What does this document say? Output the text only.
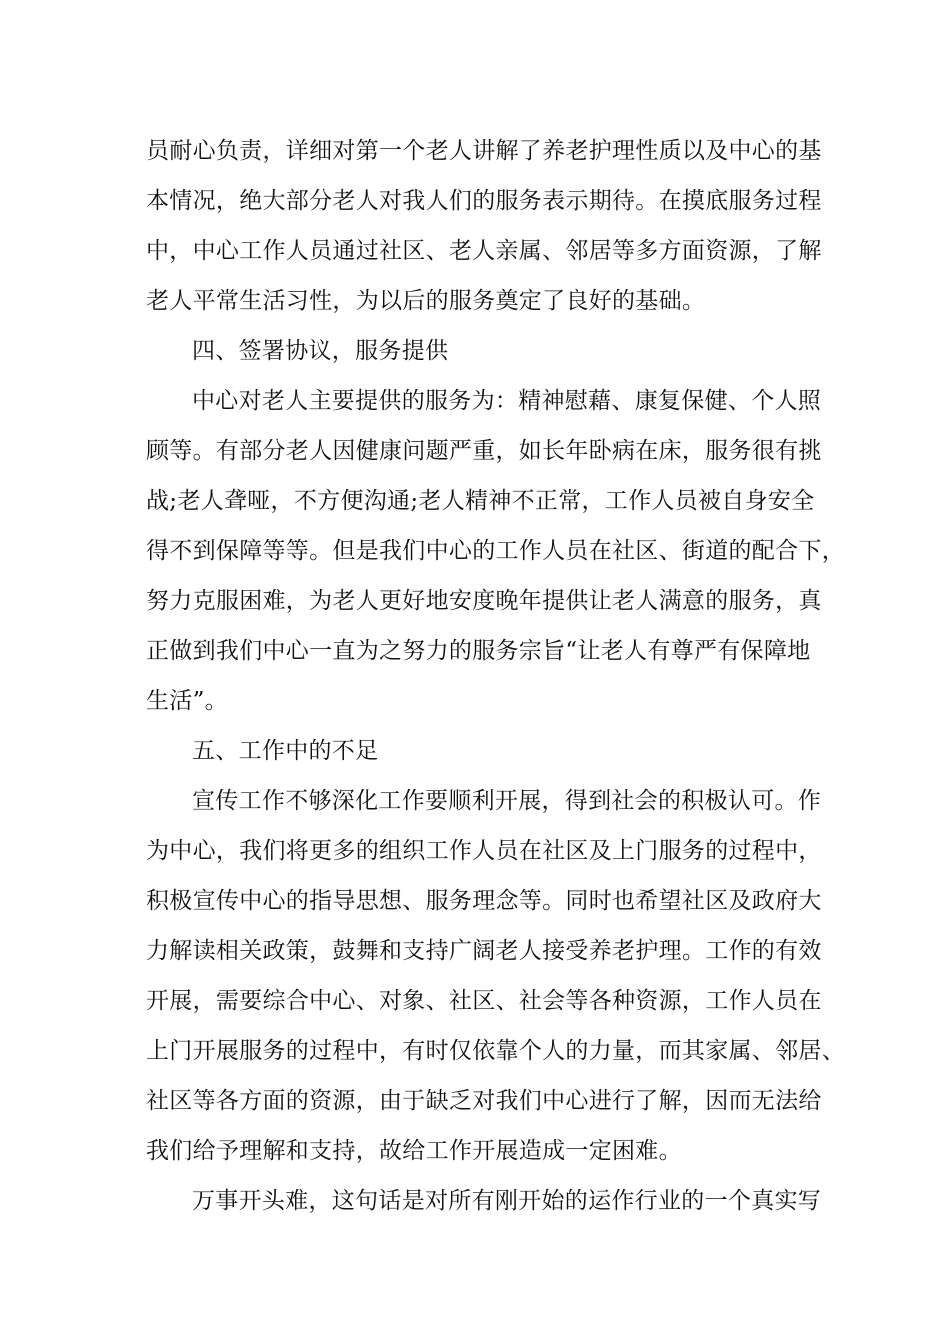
员耐心负责，详细对第一个老人讲解了养老护理性质以及中心的基
本情况，绝大部分老人对我人们的服务表示期待。在摸底服务过程
中，中心工作人员通过社区、老人亲属、邻居等多方面资源，了解
老人平常生活习性，为以后的服务奠定了良好的基础。
四、签署协议，服务提供
中心对老人主要提供的服务为：精神慰藉、康复保健、个人照
顾等。有部分老人因健康问题严重，如长年卧病在床，服务很有挑
战;老人聋哑，不方便沟通;老人精神不正常，工作人员被自身安全
得不到保障等等。但是我们中心的工作人员在社区、街道的配合下，
努力克服困难，为老人更好地安度晚年提供让老人满意的服务，真
正做到我们中心一直为之努力的服务宗旨“让老人有尊严有保障地
生活”。
五、工作中的不足
宣传工作不够深化工作要顺利开展，得到社会的积极认可。作
为中心，我们将更多的组织工作人员在社区及上门服务的过程中，
积极宣传中心的指导思想、服务理念等。同时也希望社区及政府大
力解读相关政策，鼓舞和支持广阔老人接受养老护理。工作的有效
开展，需要综合中心、对象、社区、社会等各种资源，工作人员在
上门开展服务的过程中，有时仅依靠个人的力量，而其家属、邻居、
社区等各方面的资源，由于缺乏对我们中心进行了解，因而无法给
我们给予理解和支持，故给工作开展造成一定困难。
万事开头难，这句话是对所有刚开始的运作行业的一个真实写
